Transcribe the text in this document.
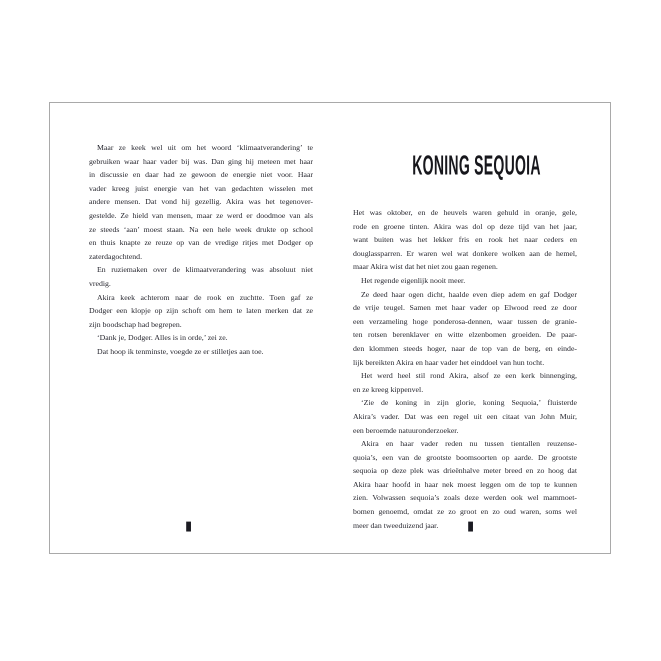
Maar ze keek wel uit om het woord ‘klimaatverandering’ te
gebruiken waar haar vader bij was. Dan ging hij meteen met haar
in discussie en daar had ze gewoon de energie niet voor. Haar
vader kreeg juist energie van het van gedachten wisselen met
andere mensen. Dat vond hij gezellig. Akira was het tegenover-
gestelde. Ze hield van mensen, maar ze werd er doodmoe van als
ze steeds ‘aan’ moest staan. Na een hele week drukte op school
en thuis knapte ze reuze op van de vredige ritjes met Dodger op
zaterdagochtend.
En ruziemaken over de klimaatverandering was absoluut niet
vredig.
Akira keek achterom naar de rook en zuchtte. Toen gaf ze
Dodger een klopje op zijn schoft om hem te laten merken dat ze
zijn boodschap had begrepen.
‘Dank je, Dodger. Alles is in orde,’ zei ze.
Dat hoop ik tenminste, voegde ze er stilletjes aan toe.
KONING SEQUOIA
Het was oktober, en de heuvels waren gehuld in oranje, gele,
rode en groene tinten. Akira was dol op deze tijd van het jaar,
want buiten was het lekker fris en rook het naar ceders en
douglassparren. Er waren wel wat donkere wolken aan de hemel,
maar Akira wist dat het niet zou gaan regenen.
Het regende eigenlijk nooit meer.
Ze deed haar ogen dicht, haalde even diep adem en gaf Dodger
de vrije teugel. Samen met haar vader op Elwood reed ze door
een verzameling hoge ponderosa-dennen, waar tussen de granie-
ten rotsen berenklaver en witte elzenbomen groeiden. De paar-
den klommen steeds hoger, naar de top van de berg, en einde-
lijk bereikten Akira en haar vader het einddoel van hun tocht.
Het werd heel stil rond Akira, alsof ze een kerk binnenging,
en ze kreeg kippenvel.
‘Zie de koning in zijn glorie, koning Sequoia,’ fluisterde
Akira’s vader. Dat was een regel uit een citaat van John Muir,
een beroemde natuuronderzoeker.
Akira en haar vader reden nu tussen tientallen reuzense-
quoia’s, een van de grootste boomsoorten op aarde. De grootste
sequoia op deze plek was drieënhalve meter breed en zo hoog dat
Akira haar hoofd in haar nek moest leggen om de top te kunnen
zien. Volwassen sequoia’s zoals deze werden ook wel mammoet-
bomen genoemd, omdat ze zo groot en zo oud waren, soms wel
meer dan tweeduizend jaar.
▮	▮
